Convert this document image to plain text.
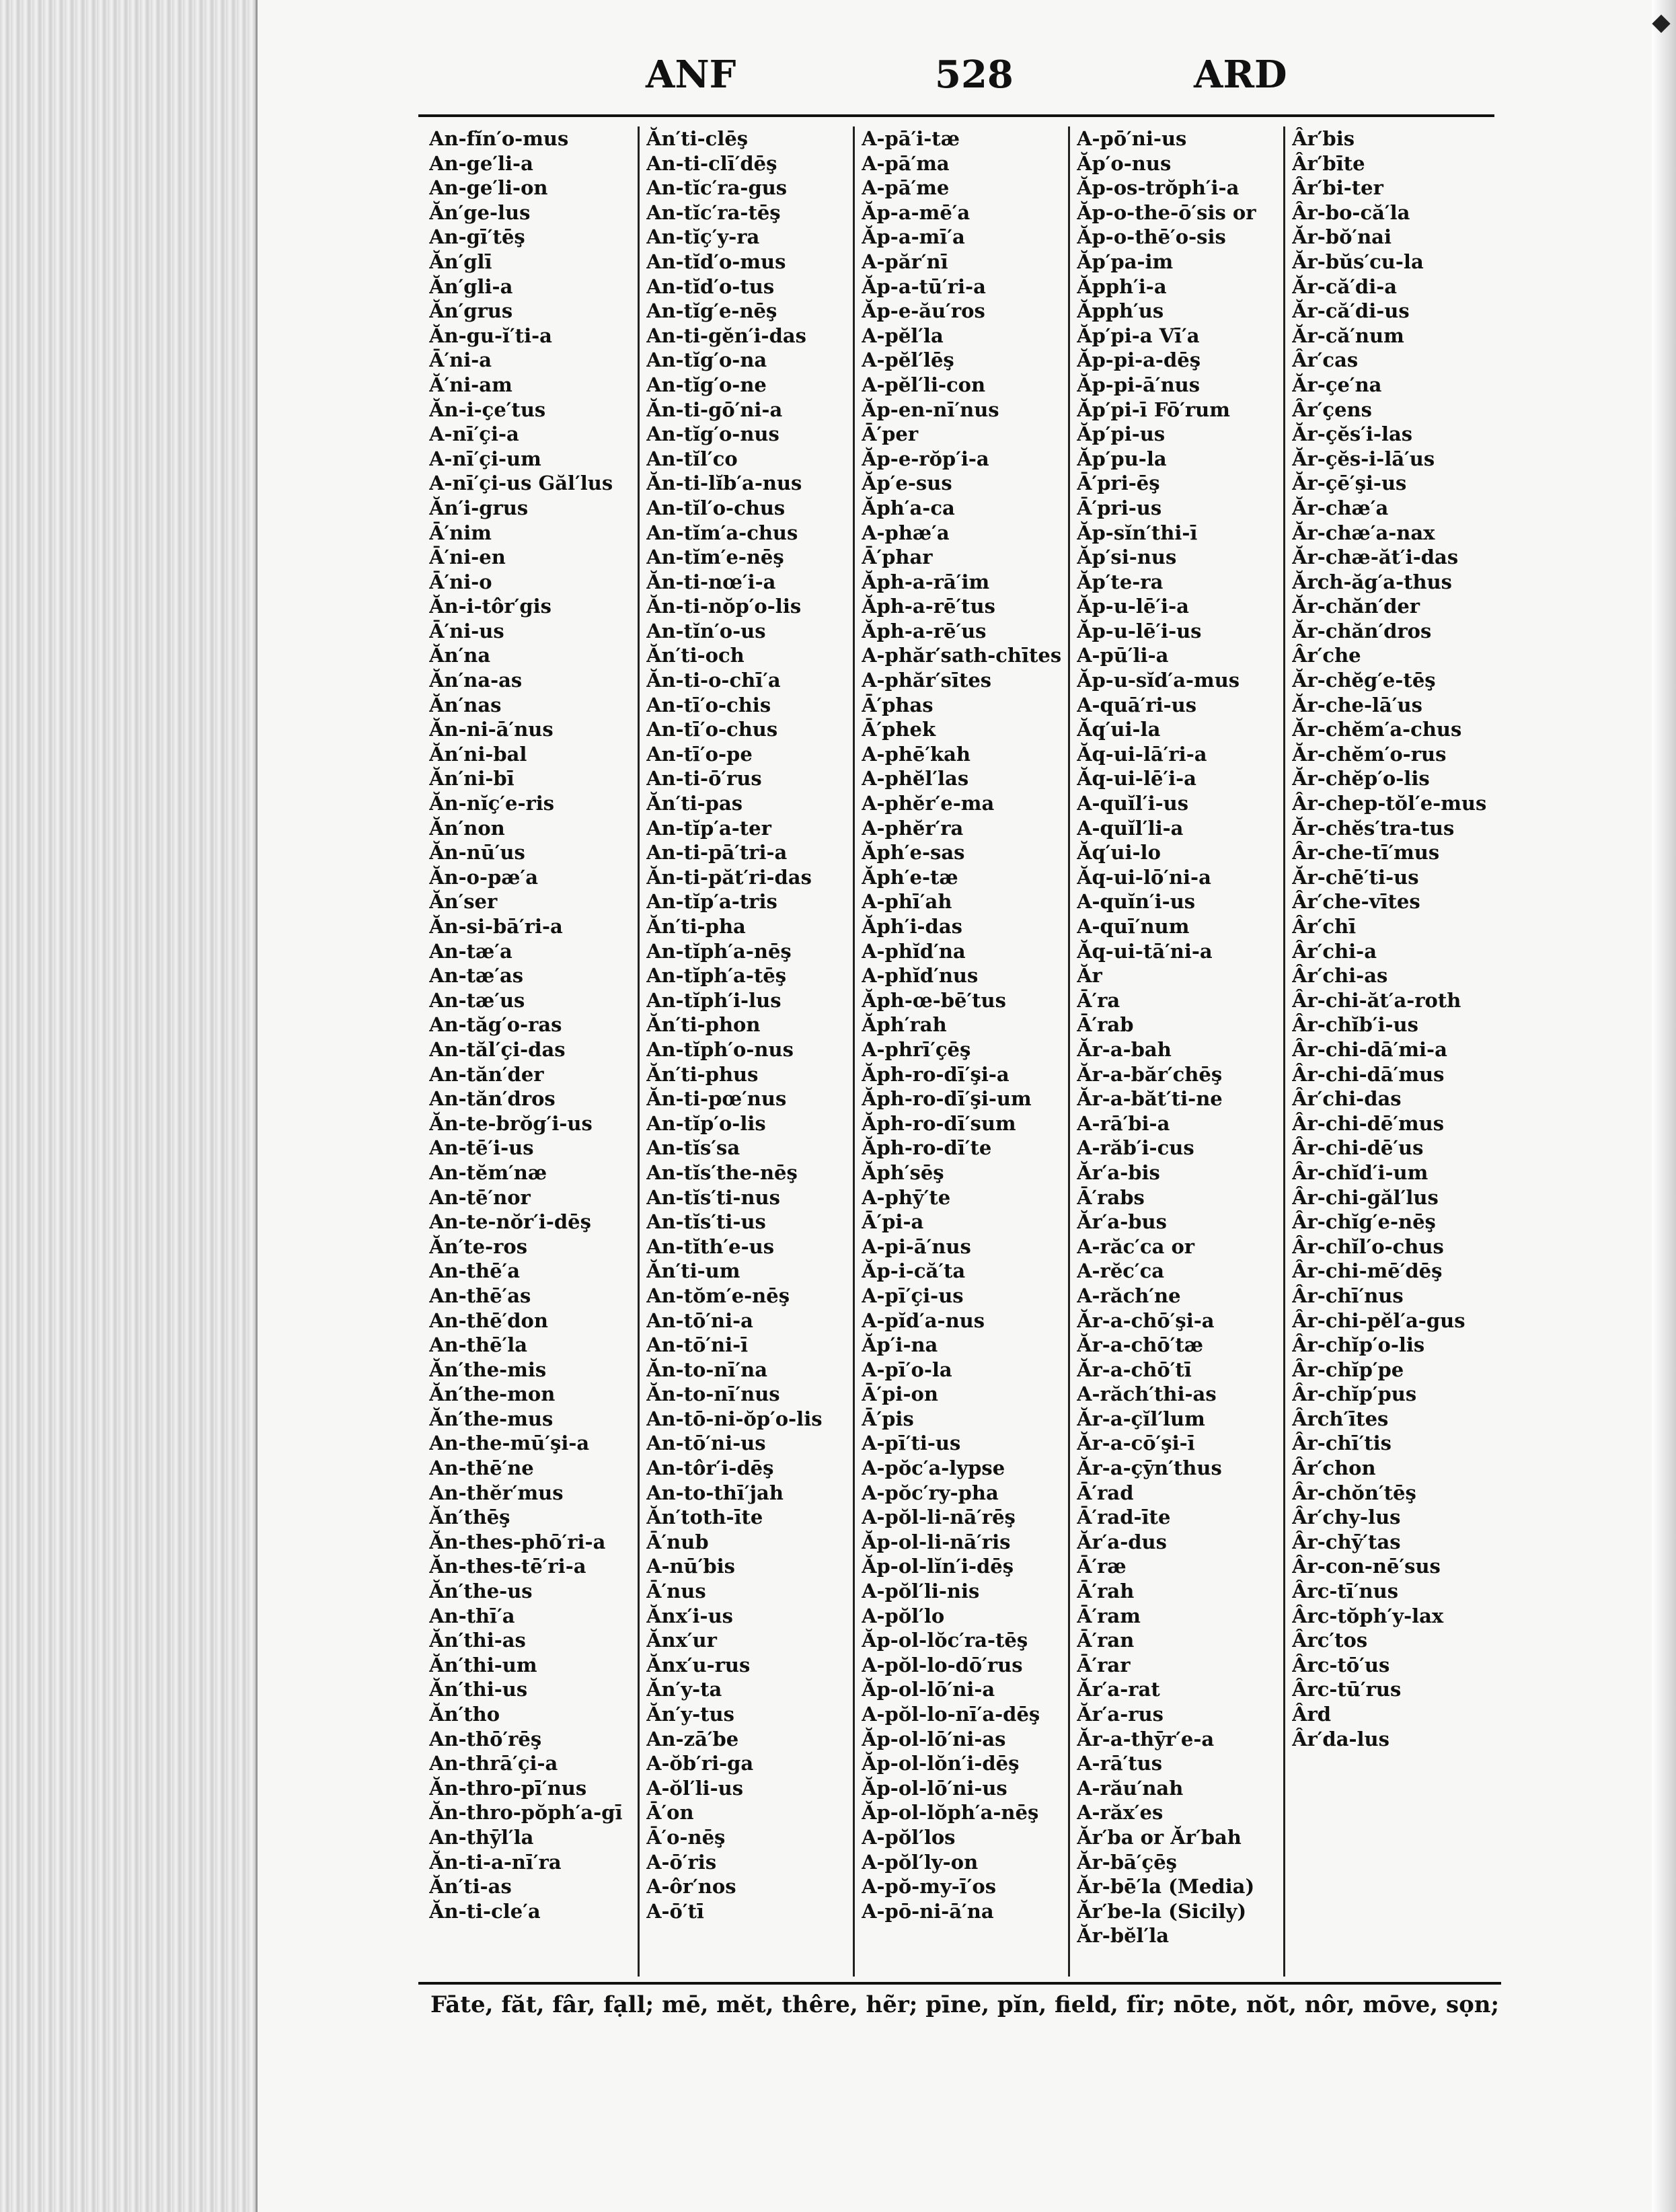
⬥
ANF	528	ARD
An-fĭn′o-mus
An-ge′li-a
An-ge′li-on
Ăn′ge-lus
An-gī′tēş
Ăn′glī
Ăn′gli-a
Ăn′grus
Ăn-gu-ĭ′ti-a
Ā′ni-a
Ă′ni-am
Ăn-i-çe′tus
A-nī′çi-a
A-nī′çi-um
A-nī′çi-us Găl′lus
Ăn′i-grus
Ā′nim
Ā′ni-en
Ā′ni-o
Ăn-i-tôr′gis
Ā′ni-us
Ăn′na
Ăn′na-as
Ăn′nas
Ăn-ni-ā′nus
Ăn′ni-bal
Ăn′ni-bī
Ăn-nĭç′e-ris
Ăn′non
Ăn-nū′us
Ăn-o-pæ′a
Ăn′ser
Ăn-si-bā′ri-a
An-tæ′a
An-tæ′as
An-tæ′us
An-tăg′o-ras
An-tăl′çi-das
An-tăn′der
An-tăn′dros
Ăn-te-brŏg′i-us
An-tē′i-us
An-tĕm′næ
An-tē′nor
An-te-nŏr′i-dēş
Ăn′te-ros
An-thē′a
An-thē′as
An-thē′don
An-thē′la
Ăn′the-mis
Ăn′the-mon
Ăn′the-mus
An-the-mū′şi-a
An-thē′ne
An-thĕr′mus
Ăn′thēş
Ăn-thes-phō′ri-a
Ăn-thes-tē′ri-a
Ăn′the-us
An-thī′a
Ăn′thi-as
Ăn′thi-um
Ăn′thi-us
Ăn′tho
An-thō′rēş
An-thrā′çi-a
Ăn-thro-pī′nus
Ăn-thro-pŏph′a-gī
An-thȳl′la
Ăn-ti-a-nī′ra
Ăn′ti-as
Ăn-ti-cle′a
Ăn′ti-clēş
An-ti-clī′dēş
An-tĭc′ra-gus
An-tĭc′ra-tēş
An-tĭç′y-ra
An-tĭd′o-mus
An-tĭd′o-tus
An-tĭg′e-nēş
An-ti-gĕn′i-das
An-tĭg′o-na
An-tĭg′o-ne
Ăn-ti-gō′ni-a
An-tĭg′o-nus
An-tĭl′co
Ăn-ti-lĭb′a-nus
An-tĭl′o-chus
An-tĭm′a-chus
An-tĭm′e-nēş
Ăn-ti-nœ′i-a
Ăn-ti-nŏp′o-lis
An-tĭn′o-us
Ăn′ti-och
Ăn-ti-o-chī′a
An-tī′o-chis
An-tī′o-chus
An-tī′o-pe
An-ti-ō′rus
Ăn′ti-pas
An-tĭp′a-ter
An-ti-pā′tri-a
Ăn-ti-păt′ri-das
An-tĭp′a-tris
Ăn′ti-pha
An-tĭph′a-nēş
An-tĭph′a-tēş
An-tĭph′i-lus
Ăn′ti-phon
An-tĭph′o-nus
Ăn′ti-phus
Ăn-ti-pœ′nus
An-tĭp′o-lis
An-tĭs′sa
An-tĭs′the-nēş
An-tĭs′ti-nus
An-tĭs′ti-us
An-tĭth′e-us
Ăn′ti-um
An-tŏm′e-nēş
An-tō′ni-a
An-tō′ni-ī
Ăn-to-nī′na
Ăn-to-nī′nus
An-tō-ni-ŏp′o-lis
An-tō′ni-us
An-tôr′i-dēş
An-to-thī′jah
Ăn′toth-īte
Ā′nub
A-nū′bis
Ā′nus
Ănx′i-us
Ănx′ur
Ănx′u-rus
Ăn′y-ta
Ăn′y-tus
An-zā′be
A-ŏb′ri-ga
A-ŏl′li-us
Ā′on
Ā′o-nēş
A-ō′ris
A-ôr′nos
A-ō′tī
A-pā′i-tæ
A-pā′ma
A-pā′me
Ăp-a-mē′a
Ăp-a-mī′a
A-păr′nī
Ăp-a-tū′ri-a
Ăp-e-ău′ros
A-pĕl′la
A-pĕl′lēş
A-pĕl′li-con
Ăp-en-nī′nus
Ā′per
Ăp-e-rŏp′i-a
Ăp′e-sus
Ăph′a-ca
A-phæ′a
Ā′phar
Ăph-a-rā′im
Ăph-a-rē′tus
Ăph-a-rē′us
A-phăr′sath-chītes
A-phăr′sītes
Ā′phas
Ā′phek
A-phē′kah
A-phĕl′las
A-phĕr′e-ma
A-phĕr′ra
Ăph′e-sas
Ăph′e-tæ
A-phī′ah
Ăph′i-das
A-phĭd′na
A-phĭd′nus
Ăph-œ-bē′tus
Ăph′rah
A-phrī′çēş
Ăph-ro-dī′şi-a
Ăph-ro-dī′şi-um
Ăph-ro-dī′sum
Ăph-ro-dī′te
Ăph′sēş
A-phȳ′te
Ā′pi-a
A-pi-ā′nus
Ăp-i-că′ta
A-pī′çi-us
A-pĭd′a-nus
Ăp′i-na
A-pī′o-la
Ā′pi-on
Ā′pis
A-pī′ti-us
A-pŏc′a-lypse
A-pŏc′ry-pha
A-pŏl-li-nā′rēş
Ăp-ol-li-nā′ris
Ăp-ol-lĭn′i-dēş
A-pŏl′li-nis
A-pŏl′lo
Ăp-ol-lŏc′ra-tēş
A-pŏl-lo-dō′rus
Ăp-ol-lō′ni-a
A-pŏl-lo-nī′a-dēş
Ăp-ol-lō′ni-as
Ăp-ol-lŏn′i-dēş
Ăp-ol-lō′ni-us
Ăp-ol-lŏph′a-nēş
A-pŏl′los
A-pŏl′ly-on
A-pŏ-my-ī′os
A-pō-ni-ā′na
A-pō′ni-us
Ăp′o-nus
Ăp-os-trŏph′i-a
Ăp-o-the-ō′sis or
Ăp-o-thē′o-sis
Ăp′pa-im
Ăpph′i-a
Ăpph′us
Ăp′pi-a Vī′a
Ăp-pi-a-dēş
Ăp-pi-ā′nus
Ăp′pi-ī Fō′rum
Ăp′pi-us
Ăp′pu-la
Ā′pri-ēş
Ā′pri-us
Ăp-sĭn′thi-ī
Ăp′si-nus
Ăp′te-ra
Ăp-u-lē′i-a
Ăp-u-lē′i-us
A-pū′li-a
Ăp-u-sĭd′a-mus
A-quā′ri-us
Ăq′ui-la
Ăq-ui-lā′ri-a
Ăq-ui-lē′i-a
A-quĭl′i-us
A-quĭl′li-a
Ăq′ui-lo
Ăq-ui-lō′ni-a
A-quĭn′i-us
A-quī′num
Ăq-ui-tā′ni-a
Ăr
Ā′ra
Ā′rab
Ăr-a-bah
Ăr-a-băr′chēş
Ăr-a-băt′ti-ne
A-rā′bi-a
A-răb′i-cus
Ăr′a-bis
Ā′rabs
Ăr′a-bus
A-răc′ca or
A-rĕc′ca
A-răch′ne
Ăr-a-chō′şi-a
Ăr-a-chō′tæ
Ăr-a-chō′tī
A-răch′thi-as
Ăr-a-çĭl′lum
Ăr-a-cō′şi-ī
Ăr-a-çȳn′thus
Ā′rad
Ā′rad-īte
Ăr′a-dus
Ā′ræ
Ā′rah
Ā′ram
Ā′ran
Ā′rar
Ăr′a-rat
Ăr′a-rus
Ăr-a-thȳr′e-a
A-rā′tus
A-rău′nah
A-răx′es
Ăr′ba or Ăr′bah
Ăr-bā′çēş
Ăr-bē′la (Media)
Ăr′be-la (Sicily)
Ăr-bĕl′la
Âr′bis
Âr′bīte
Âr′bi-ter
Âr-bo-că′la
Ăr-bŏ′nai
Ăr-bŭs′cu-la
Ăr-că′di-a
Ăr-că′di-us
Ăr-că′num
Âr′cas
Ăr-çe′na
Âr′çens
Ăr-çĕs′i-las
Ăr-çĕs-i-lā′us
Ăr-çē′şi-us
Ăr-chæ′a
Ăr-chæ′a-nax
Ăr-chæ-ăt′i-das
Ărch-ăg′a-thus
Ăr-chăn′der
Ăr-chăn′dros
Âr′che
Ăr-chĕg′e-tēş
Ăr-che-lā′us
Ăr-chĕm′a-chus
Ăr-chĕm′o-rus
Ăr-chĕp′o-lis
Âr-chep-tŏl′e-mus
Ăr-chĕs′tra-tus
Âr-che-tī′mus
Ăr-chē′ti-us
Âr′che-vītes
Âr′chī
Âr′chi-a
Âr′chi-as
Âr-chi-ăt′a-roth
Âr-chĭb′i-us
Âr-chi-dā′mi-a
Âr-chi-dā′mus
Âr′chi-das
Âr-chi-dē′mus
Âr-chi-dē′us
Âr-chĭd′i-um
Âr-chi-găl′lus
Âr-chĭg′e-nēş
Âr-chĭl′o-chus
Âr-chi-mē′dēş
Âr-chī′nus
Âr-chi-pĕl′a-gus
Âr-chĭp′o-lis
Âr-chĭp′pe
Âr-chĭp′pus
Ârch′ītes
Âr-chī′tis
Âr′chon
Âr-chŏn′tēş
Âr′chy-lus
Âr-chȳ′tas
Âr-con-nē′sus
Ârc-tī′nus
Ârc-tŏph′y-lax
Ârc′tos
Ârc-tō′us
Ârc-tū′rus
Ârd
Âr′da-lus
Fāte, făt, fâr, fạll; mē, mĕt, thêre, hẽr; pīne, pĭn, field, fïr; nōte, nŏt, nôr, mōve, sọn;
